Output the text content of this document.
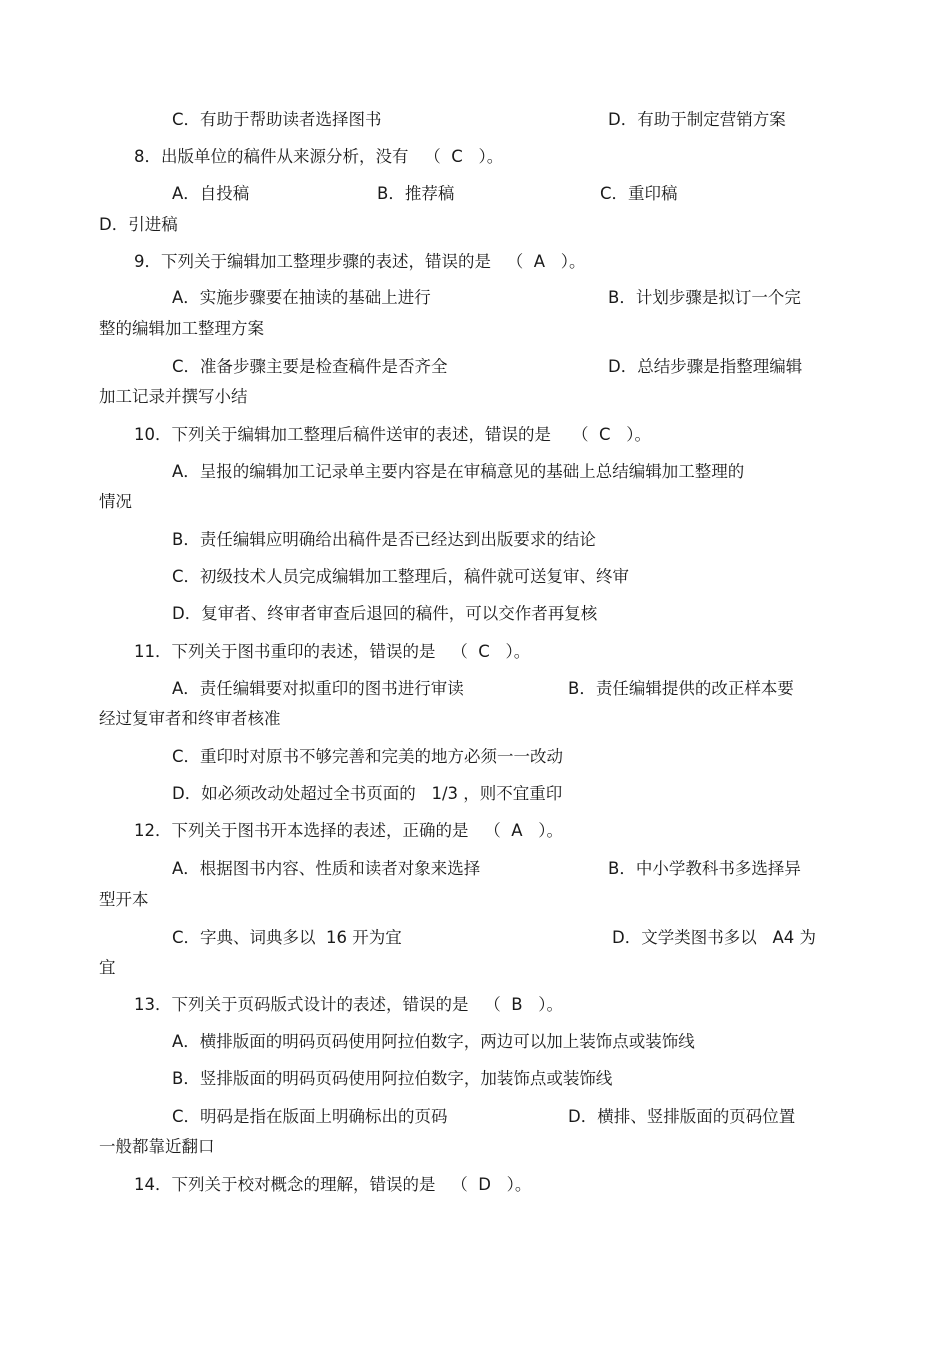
C．有助于帮助读者选择图书	D．有助于制定营销方案
8．出版单位的稿件从来源分析，没有   （  C   ）。
A．自投稿	B．推荐稿	C．重印稿
D．引进稿
9．下列关于编辑加工整理步骤的表述，错误的是   （  A   ）。
A．实施步骤要在抽读的基础上进行	B．计划步骤是拟订一个完
整的编辑加工整理方案
C．准备步骤主要是检查稿件是否齐全	D．总结步骤是指整理编辑
加工记录并撰写小结
10．下列关于编辑加工整理后稿件送审的表述，错误的是    （  C   ）。
A．呈报的编辑加工记录单主要内容是在审稿意见的基础上总结编辑加工整理的
情况
B．责任编辑应明确给出稿件是否已经达到出版要求的结论
C．初级技术人员完成编辑加工整理后，稿件就可送复审、终审
D．复审者、终审者审查后退回的稿件，可以交作者再复核
11．下列关于图书重印的表述，错误的是   （  C   ）。
A．责任编辑要对拟重印的图书进行审读	B．责任编辑提供的改正样本要
经过复审者和终审者核准
C．重印时对原书不够完善和完美的地方必须一一改动
D．如必须改动处超过全书页面的   1/3 ，则不宜重印
12．下列关于图书开本选择的表述，正确的是   （  A   ）。
A．根据图书内容、性质和读者对象来选择	B．中小学教科书多选择异
型开本
C．字典、词典多以  16 开为宜	D．文学类图书多以   A4 为
宜
13．下列关于页码版式设计的表述，错误的是   （  B   ）。
A．横排版面的明码页码使用阿拉伯数字，两边可以加上装饰点或装饰线
B．竖排版面的明码页码使用阿拉伯数字，加装饰点或装饰线
C．明码是指在版面上明确标出的页码	D．横排、竖排版面的页码位置
一般都靠近翻口
14．下列关于校对概念的理解，错误的是   （  D   ）。
